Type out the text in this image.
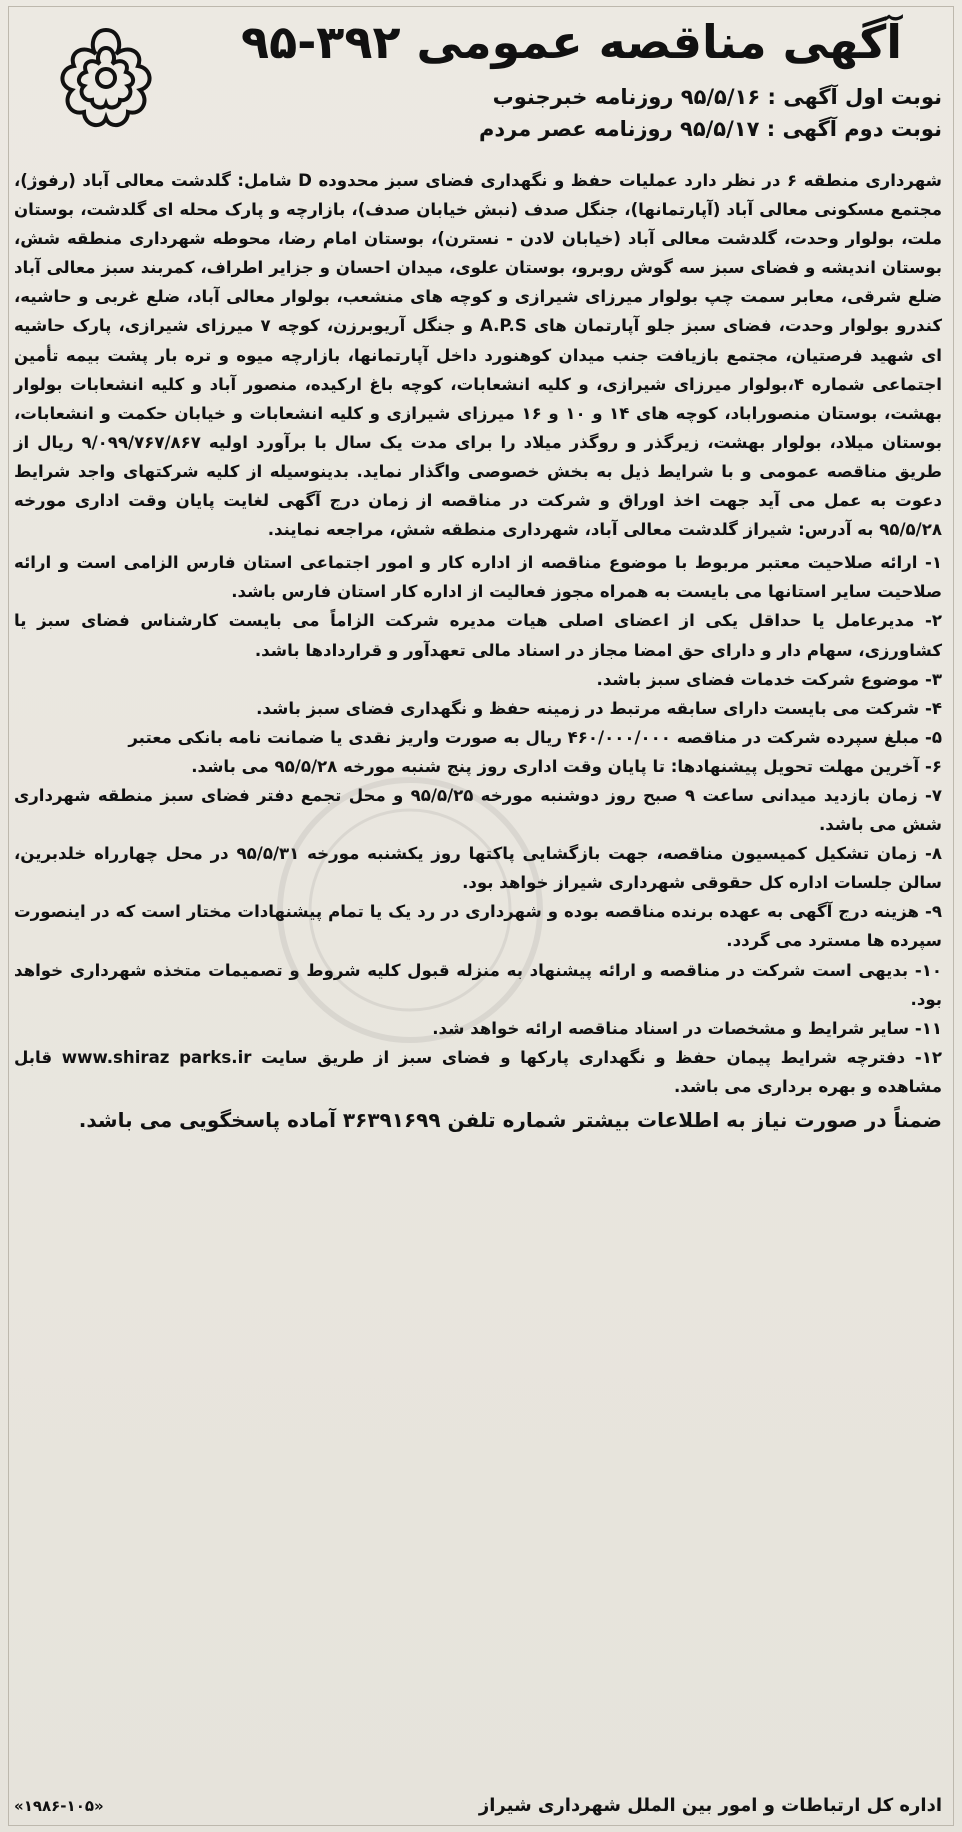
آگهی مناقصه عمومی ۳۹۲-۹۵
نوبت اول آگهی : ۹۵/۵/۱۶ روزنامه خبرجنوب
نوبت دوم آگهی : ۹۵/۵/۱۷ روزنامه عصر مردم

شهرداری منطقه ۶ در نظر دارد عملیات حفظ و نگهداری فضای سبز محدوده D شامل: گلدشت معالی آباد (رفوژ)، مجتمع مسکونی معالی آباد (آپارتمانها)، جنگل صدف (نبش خیابان صدف)، بازارچه و پارک محله ای گلدشت، بوستان ملت، بولوار وحدت، گلدشت معالی آباد (خیابان لادن - نسترن)، بوستان امام رضا، محوطه شهرداری منطقه شش، بوستان اندیشه و فضای سبز سه گوش روبرو، بوستان علوی، میدان احسان و جزایر اطراف، کمربند سبز معالی آباد ضلع شرقی، معابر سمت چپ بولوار میرزای شیرازی و کوچه های منشعب، بولوار معالی آباد، ضلع غربی و حاشیه، کندرو بولوار وحدت، فضای سبز جلو آپارتمان های A.P.S و جنگل آریوبرزن، کوچه ۷ میرزای شیرازی، پارک حاشیه ای شهید فرصتیان، مجتمع بازیافت جنب میدان کوهنورد داخل آپارتمانها، بازارچه میوه و تره بار پشت بیمه تأمین اجتماعی شماره ۴،بولوار میرزای شیرازی، و کلیه انشعابات، کوچه باغ ارکیده، منصور آباد و کلیه انشعابات بولوار بهشت، بوستان منصوراباد، کوچه های ۱۴ و ۱۰ و ۱۶ میرزای شیرازی و کلیه انشعابات و خیابان حکمت و انشعابات، بوستان میلاد، بولوار بهشت، زیرگذر و روگذر میلاد را برای مدت یک سال با برآورد اولیه ۹/۰۹۹/۷۶۷/۸۶۷ ریال از طریق مناقصه عمومی و با شرایط ذیل به بخش خصوصی واگذار نماید. بدینوسیله از کلیه شرکتهای واجد شرایط دعوت به عمل می آید جهت اخذ اوراق و شرکت در مناقصه از زمان درج آگهی لغایت پایان وقت اداری مورخه ۹۵/۵/۲۸ به آدرس: شیراز گلدشت معالی آباد، شهرداری منطقه شش، مراجعه نمایند.

۱- ارائه صلاحیت معتبر مربوط با موضوع مناقصه از اداره کار و امور اجتماعی استان فارس الزامی است و ارائه صلاحیت سایر استانها می بایست به همراه مجوز فعالیت از اداره کار استان فارس باشد.

۲- مدیرعامل یا حداقل یکی از اعضای اصلی هیات مدیره شرکت الزاماً می بایست کارشناس فضای سبز یا کشاورزی، سهام دار و دارای حق امضا مجاز در اسناد مالی تعهدآور و قراردادها باشد.

۳- موضوع شرکت خدمات فضای سبز باشد.

۴- شرکت می بایست دارای سابقه مرتبط در زمینه حفظ و نگهداری فضای سبز باشد.

۵- مبلغ سپرده شرکت در مناقصه ۴۶۰/۰۰۰/۰۰۰ ریال به صورت واریز نقدی یا ضمانت نامه بانکی معتبر

۶- آخرین مهلت تحویل پیشنهادها: تا پایان وقت اداری روز پنج شنبه مورخه ۹۵/۵/۲۸ می باشد.

۷- زمان بازدید میدانی ساعت ۹ صبح روز دوشنبه مورخه ۹۵/۵/۲۵ و محل تجمع دفتر فضای سبز منطقه شهرداری شش می باشد.

۸- زمان تشکیل کمیسیون مناقصه، جهت بازگشایی پاکتها روز یکشنبه مورخه ۹۵/۵/۳۱ در محل چهارراه خلدبرین، سالن جلسات اداره کل حقوقی شهرداری شیراز خواهد بود.

۹- هزینه درج آگهی به عهده برنده مناقصه بوده و شهرداری در رد یک یا تمام پیشنهادات مختار است که در اینصورت سپرده ها مسترد می گردد.

۱۰- بدیهی است شرکت در مناقصه و ارائه پیشنهاد به منزله قبول کلیه شروط و تصمیمات متخذه شهرداری خواهد بود.

۱۱- سایر شرایط و مشخصات در اسناد مناقصه ارائه خواهد شد.

۱۲- دفترچه شرایط پیمان حفظ و نگهداری پارکها و فضای سبز از طریق سایت www.shiraz parks.ir قابل مشاهده و بهره برداری می باشد.

ضمناً در صورت نیاز به اطلاعات بیشتر شماره تلفن ۳۶۳۹۱۶۹۹ آماده پاسخگویی می باشد.

اداره کل ارتباطات و امور بین الملل شهرداری شیراز
«۱۹۸۶-۱۰۵»
